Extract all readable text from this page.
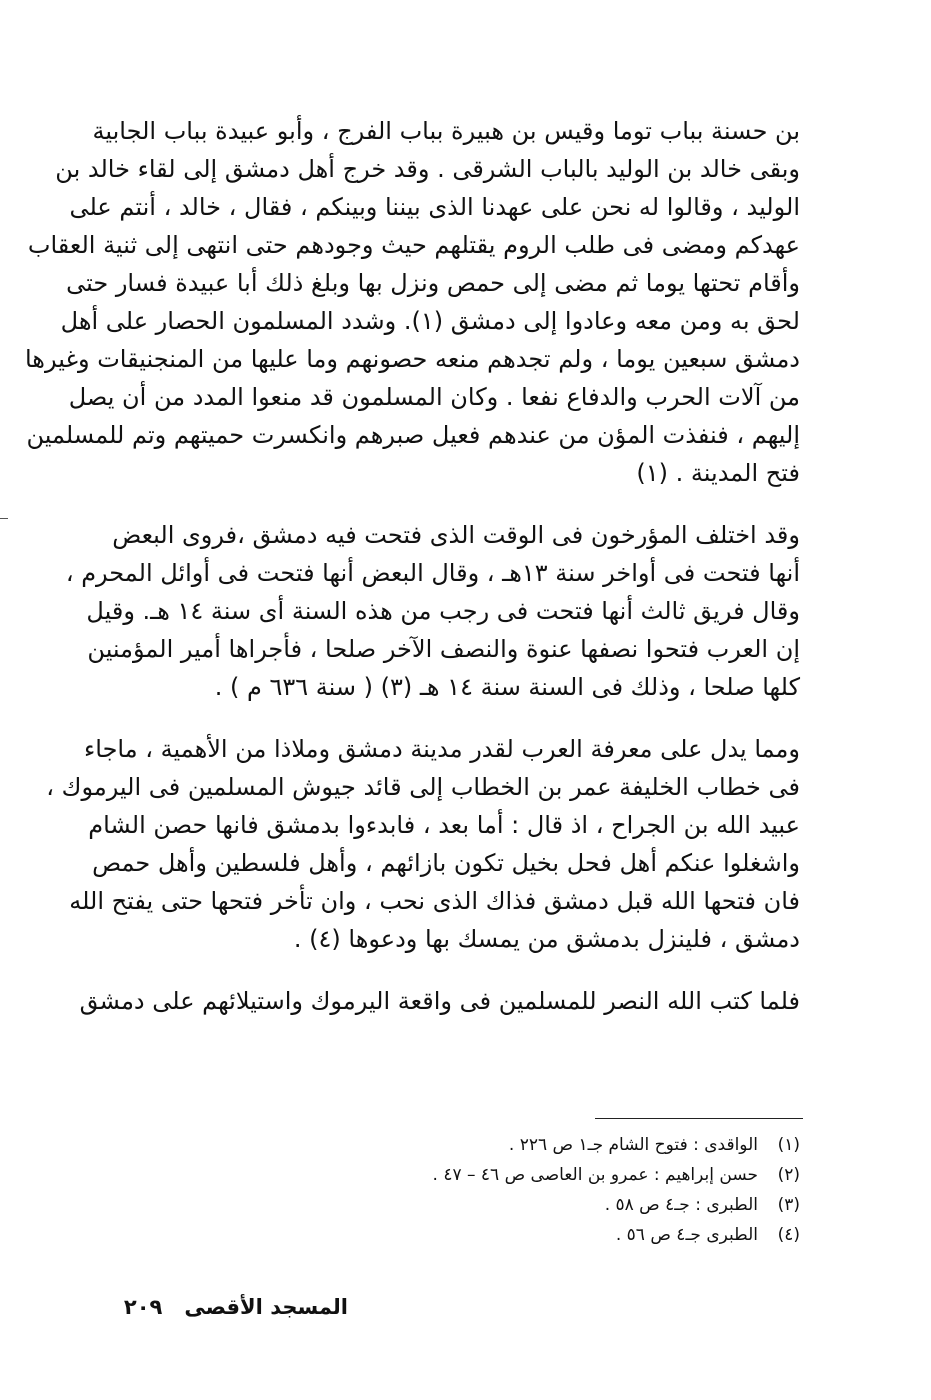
بن حسنة بباب توما وقيس بن هبيرة بباب الفرج ، وأبو عبيدة بباب الجابية
وبقى خالد بن الوليد بالباب الشرقى . وقد خرج أهل دمشق إلى لقاء خالد بن
الوليد ، وقالوا له نحن على عهدنا الذى بيننا وبينكم ، فقال ، خالد ، أنتم على
عهدكم ومضى فى طلب الروم يقتلهم حيث وجودهم حتى انتهى إلى ثنية العقاب
وأقام تحتها يوما ثم مضى إلى حمص ونزل بها وبلغ ذلك أبا عبيدة فسار حتى
لحق به ومن معه وعادوا إلى دمشق (١). وشدد المسلمون الحصار على أهل
دمشق سبعين يوما ، ولم تجدهم منعه حصونهم وما عليها من المنجنيقات وغيرها
من آلات الحرب والدفاع نفعا . وكان المسلمون قد منعوا المدد من أن يصل
إليهم ، فنفذت المؤن من عندهم فعيل صبرهم وانكسرت حميتهم وتم للمسلمين
فتح المدينة . (١)
وقد اختلف المؤرخون فى الوقت الذى فتحت فيه دمشق ،فروى البعض
أنها فتحت فى أواخر سنة ١٣هـ ، وقال البعض أنها فتحت فى أوائل المحرم ،
وقال فريق ثالث أنها فتحت فى رجب من هذه السنة أى سنة ١٤ هـ. وقيل
إن العرب فتحوا نصفها عنوة والنصف الآخر صلحا ، فأجراها أمير المؤمنين
كلها صلحا ، وذلك فى السنة سنة ١٤ هـ (٣) ( سنة ٦٣٦ م ) .
ومما يدل على معرفة العرب لقدر مدينة دمشق وملاذا من الأهمية ، ماجاء
فى خطاب الخليفة عمر بن الخطاب إلى قائد جيوش المسلمين فى اليرموك ،
عبيد الله بن الجراح ، اذ قال : أما بعد ، فابدءوا بدمشق فانها حصن الشام
واشغلوا عنكم أهل فحل بخيل تكون بازائهم ، وأهل فلسطين وأهل حمص
فان فتحها الله قبل دمشق فذاك الذى نحب ، وان تأخر فتحها حتى يفتح الله
دمشق ، فلينزل بدمشق من يمسك بها ودعوها (٤) .
فلما كتب الله النصر للمسلمين فى واقعة اليرموك واستيلائهم على دمشق
(١)الواقدى : فتوح الشام جـ١ ص ٢٢٦ .
(٢)حسن إبراهيم : عمرو بن العاصى ص ٤٦ – ٤٧ .
(٣)الطبرى : جـ٤ ص ٥٨ .
(٤)الطبرى جـ٤ ص ٥٦ .
المسجد الأقصى٢٠٩
